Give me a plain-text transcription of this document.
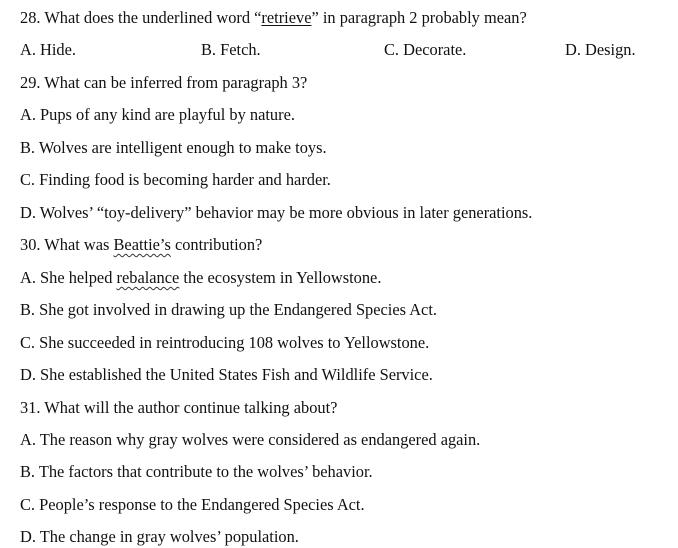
28. What does the underlined word “retrieve” in paragraph 2 probably mean?
A. Hide.	B. Fetch.	C. Decorate.	D. Design.
29. What can be inferred from paragraph 3?
A. Pups of any kind are playful by nature.
B. Wolves are intelligent enough to make toys.
C. Finding food is becoming harder and harder.
D. Wolves’ “toy-delivery” behavior may be more obvious in later generations.
30. What was Beattie’s contribution?
A. She helped rebalance the ecosystem in Yellowstone.
B. She got involved in drawing up the Endangered Species Act.
C. She succeeded in reintroducing 108 wolves to Yellowstone.
D. She established the United States Fish and Wildlife Service.
31. What will the author continue talking about?
A. The reason why gray wolves were considered as endangered again.
B. The factors that contribute to the wolves’ behavior.
C. People’s response to the Endangered Species Act.
D. The change in gray wolves’ population.
